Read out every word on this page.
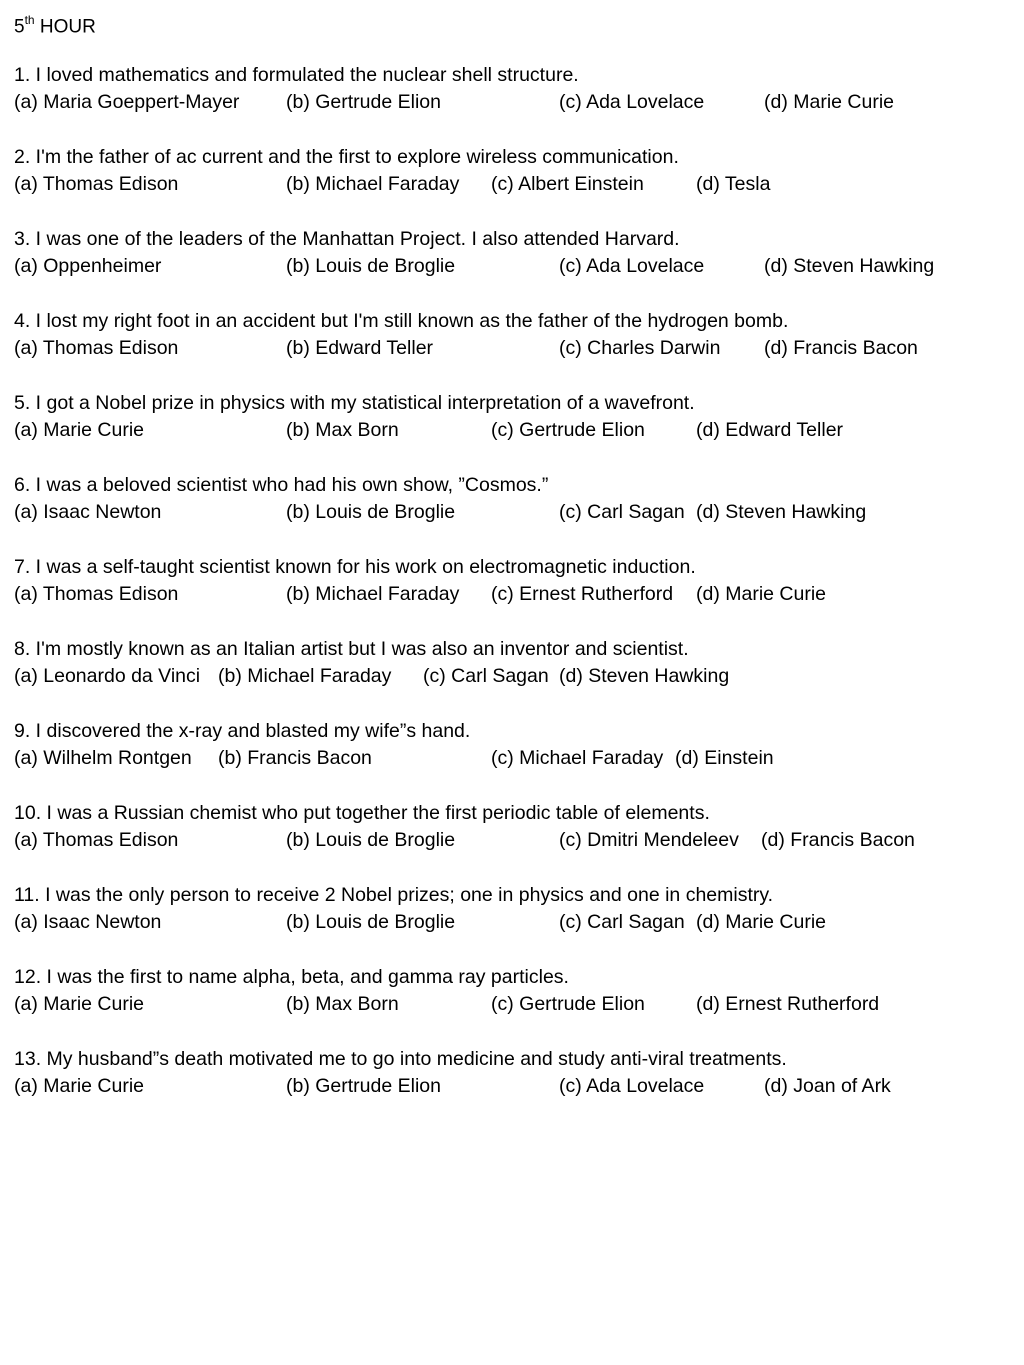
5th HOUR
1. I loved mathematics and formulated the nuclear shell structure.
(a) Maria Goeppert-Mayer (b) Gertrude Elion	(c) Ada Lovelace	(d) Marie Curie
2. I'm the father of ac current and the first to explore wireless communication.
(a) Thomas Edison	(b) Michael Faraday (c) Albert Einstein	(d) Tesla
3. I was one of the leaders of the Manhattan Project. I also attended Harvard.
(a) Oppenheimer	(b) Louis de Broglie	(c) Ada Lovelace	(d) Steven Hawking
4. I lost my right foot in an accident but I'm still known as the father of the hydrogen bomb.
(a) Thomas Edison	(b) Edward Teller	(c) Charles Darwin (d) Francis Bacon
5. I got a Nobel prize in physics with my statistical interpretation of a wavefront.
(a) Marie Curie	(b) Max Born	(c) Gertrude Elion	(d) Edward Teller
6. I was a beloved scientist who had his own show, ”Cosmos.”
(a) Isaac Newton	(b) Louis de Broglie	(c) Carl Sagan (d) Steven Hawking
7. I was a self-taught scientist known for his work on electromagnetic induction.
(a) Thomas Edison	(b) Michael Faraday (c) Ernest Rutherford (d) Marie Curie
8. I'm mostly known as an Italian artist but I was also an inventor and scientist.
(a) Leonardo da Vinci (b) Michael Faraday (c) Carl Sagan (d) Steven Hawking
9. I discovered the x-ray and blasted my wife”s hand.
(a) Wilhelm Rontgen (b) Francis Bacon	(c) Michael Faraday (d) Einstein
10. I was a Russian chemist who put together the first periodic table of elements.
(a) Thomas Edison	(b) Louis de Broglie	(c) Dmitri Mendeleev (d) Francis Bacon
11. I was the only person to receive 2 Nobel prizes; one in physics and one in chemistry.
(a) Isaac Newton	(b) Louis de Broglie	(c) Carl Sagan (d) Marie Curie
12. I was the first to name alpha, beta, and gamma ray particles.
(a) Marie Curie	(b) Max Born	(c) Gertrude Elion	(d) Ernest Rutherford
13. My husband”s death motivated me to go into medicine and study anti-viral treatments.
(a) Marie Curie	(b) Gertrude Elion	(c) Ada Lovelace	(d) Joan of Ark
